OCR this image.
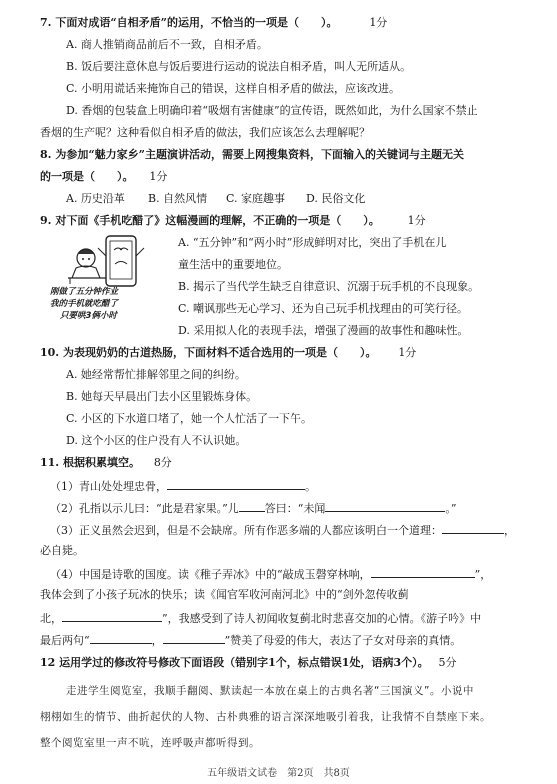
7. 下面对成语“自相矛盾”的运用，不恰当的一项是（　　）。	1分
A. 商人推销商品前后不一致，自相矛盾。
B. 饭后要注意休息与饭后要进行运动的说法自相矛盾，叫人无所适从。
C. 小明用谎话来掩饰自己的错误，这样自相矛盾的做法，应该改进。
D. 香烟的包装盒上明确印着“吸烟有害健康”的宣传语，既然如此，为什么国家不禁止
香烟的生产呢？这种看似自相矛盾的做法，我们应该怎么去理解呢？
8. 为参加“魅力家乡”主题演讲活动，需要上网搜集资料，下面输入的关键词与主题无关
的一项是（　　）。 1分
A. 历史沿革 B. 自然风情 C. 家庭趣事 D. 民俗文化
9. 对下面《手机吃醋了》这幅漫画的理解，不正确的一项是（　　）。	1分
刚做了五分钟作业
我的手机就吃醋了
只要哄3俩小时
A. “五分钟”和“两小时”形成鲜明对比，突出了手机在儿
童生活中的重要地位。
B. 揭示了当代学生缺乏自律意识、沉溺于玩手机的不良现象。
C. 嘲讽那些无心学习、还为自己玩手机找理由的可笑行径。
D. 采用拟人化的表现手法，增强了漫画的故事性和趣味性。
10. 为表现奶奶的古道热肠，下面材料不适合选用的一项是（　　）。 1分
A. 她经常帮忙排解邻里之间的纠纷。
B. 她每天早晨出门去小区里锻炼身体。
C. 小区的下水道口堵了，她一个人忙活了一下午。
D. 这个小区的住户没有人不认识她。
11. 根据积累填空。 8分
（1）青山处处埋忠骨，	。
（2）孔指以示儿曰：“此是君家果。”儿 答曰：“未闻	。”
（3）正义虽然会迟到，但是不会缺席。所有作恶多端的人都应该明白一个道理：	，
必自毙。
（4）中国是诗歌的国度。读《稚子弄冰》中的“敲成玉磬穿林响，	”，
我体会到了小孩子玩冰的快乐；读《闻官军收河南河北》中的“剑外忽传收蓟
北，	”，我感受到了诗人初闻收复蓟北时悲喜交加的心情。《游子吟》中
最后两句“	，	”赞美了母爱的伟大，表达了子女对母亲的真情。
12 运用学过的修改符号修改下面语段（错别字1个，标点错误1处，语病3个）。 5分
走进学生阅览室，我顺手翻阅、默读起一本放在桌上的古典名著“三国演义”。小说中
栩栩如生的情节、曲折起伏的人物、古朴典雅的语言深深地吸引着我，让我情不自禁座下来。
整个阅览室里一声不吭，连呼吸声都听得到。
五年级语文试卷　第2页　共8页
